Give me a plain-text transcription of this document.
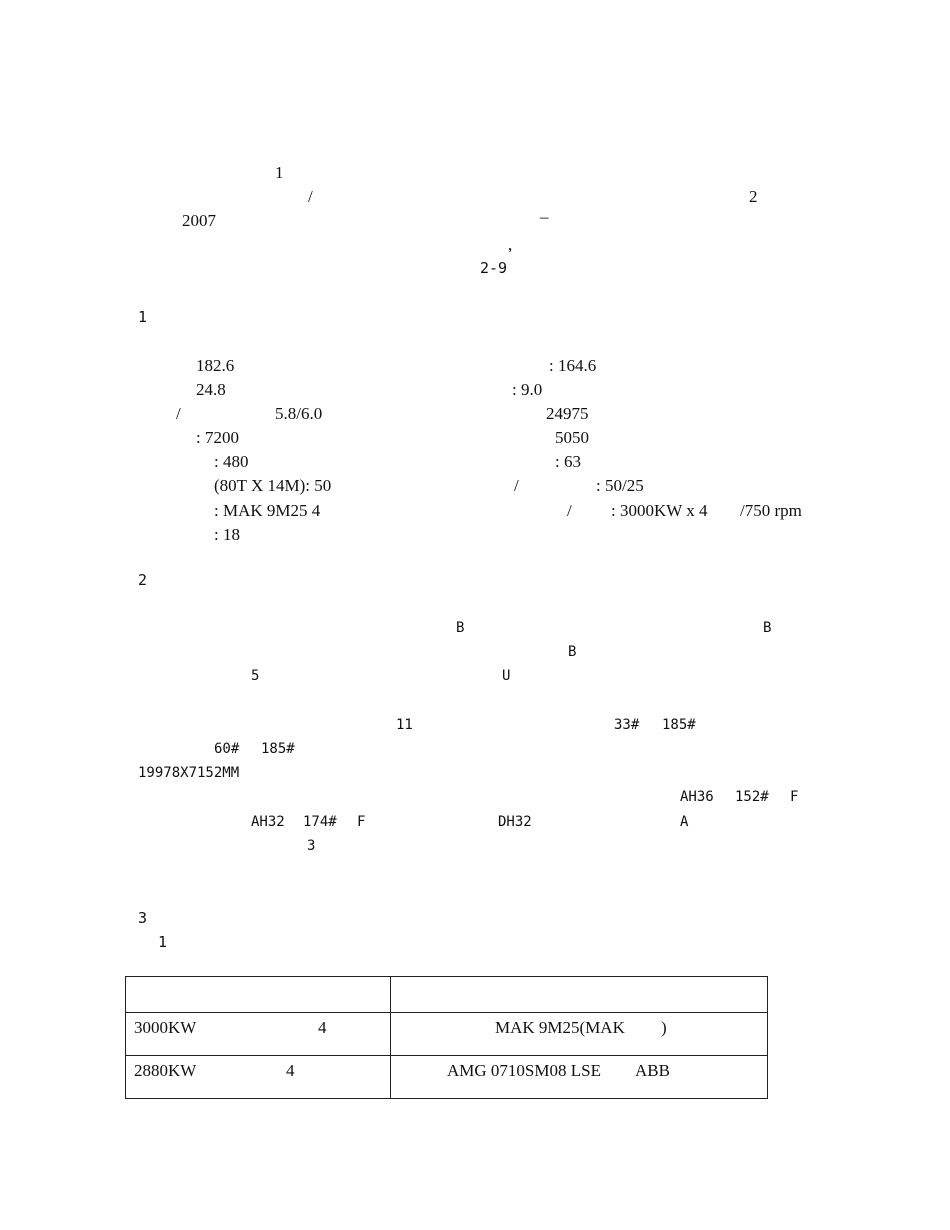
1
/	2
2007	–
,
2-9
1
182.6	: 164.6
24.8	: 9.0
/	5.8/6.0	24975
: 7200	5050
: 480	: 63
(80T X 14M): 50	/	: 50/25
: MAK 9M25 4	/ : 3000KW x 4 /750 rpm
: 18
2
B	B
B
5	U
11	33# 185#
60# 185#
19978X7152MM
AH36 152# F
AH32 174# F	DH32	A
3
3
1

3000KW 4	MAK 9M25(MAK )

2880KW 4	AMG 0710SM08 LSE ABB
